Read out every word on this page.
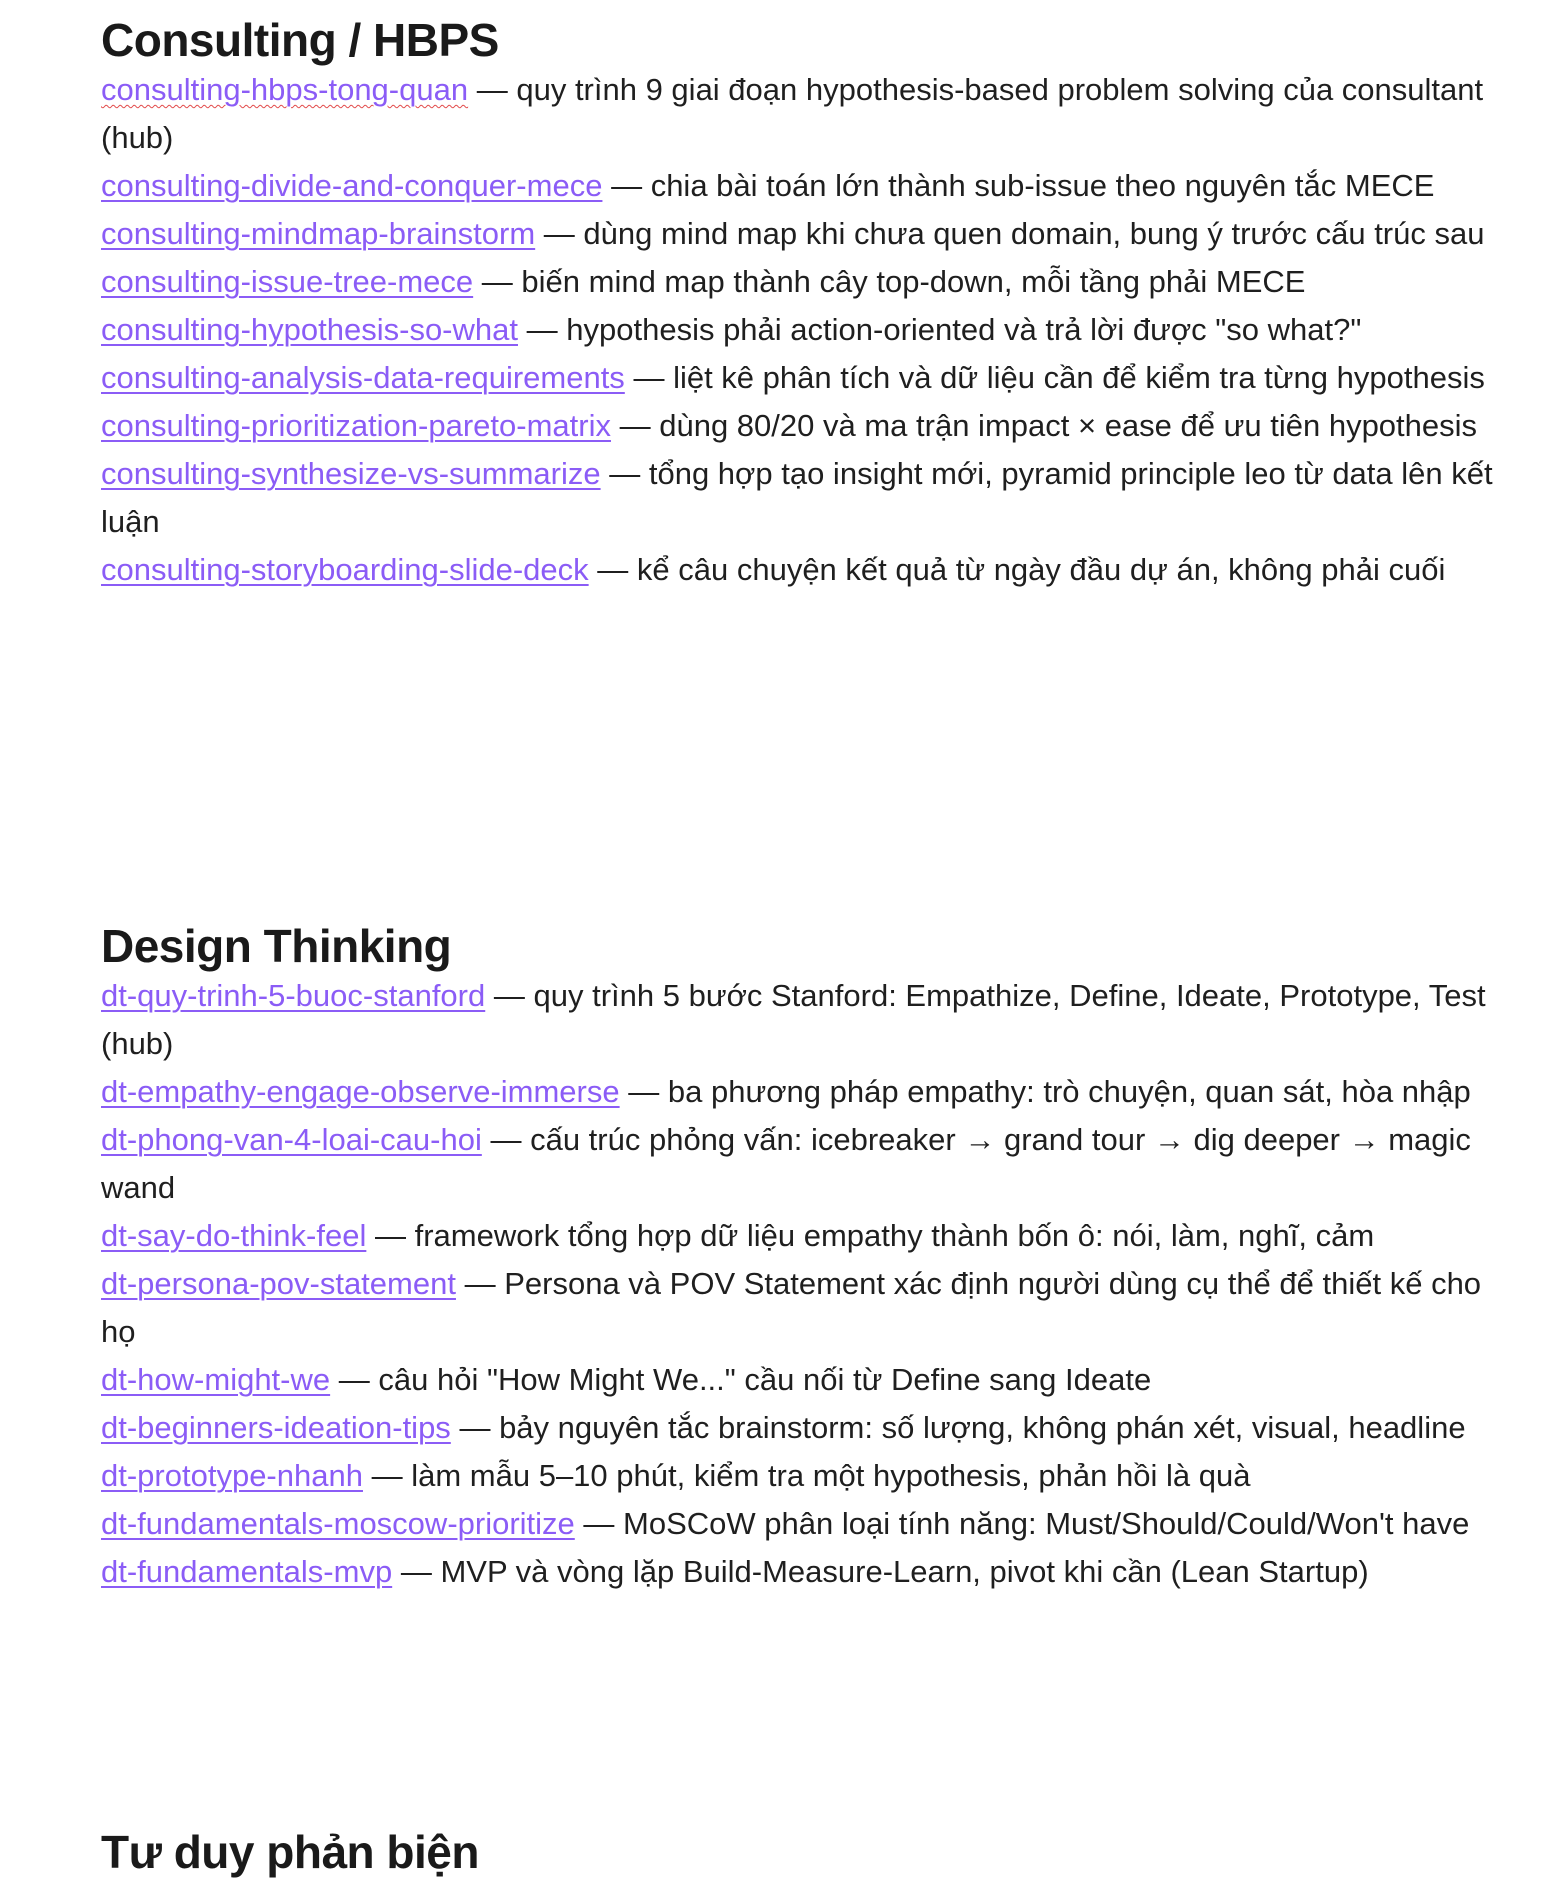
Consulting / HBPS

consulting-hbps-tong-quan — quy trình 9 giai đoạn hypothesis-based problem solving của consultant (hub)

consulting-divide-and-conquer-mece — chia bài toán lớn thành sub-issue theo nguyên tắc MECE

consulting-mindmap-brainstorm — dùng mind map khi chưa quen domain, bung ý trước cấu trúc sau

consulting-issue-tree-mece — biến mind map thành cây top-down, mỗi tầng phải MECE

consulting-hypothesis-so-what — hypothesis phải action-oriented và trả lời được "so what?"

consulting-analysis-data-requirements — liệt kê phân tích và dữ liệu cần để kiểm tra từng hypothesis

consulting-prioritization-pareto-matrix — dùng 80/20 và ma trận impact × ease để ưu tiên hypothesis

consulting-synthesize-vs-summarize — tổng hợp tạo insight mới, pyramid principle leo từ data lên kết luận

consulting-storyboarding-slide-deck — kể câu chuyện kết quả từ ngày đầu dự án, không phải cuối

Design Thinking

dt-quy-trinh-5-buoc-stanford — quy trình 5 bước Stanford: Empathize, Define, Ideate, Prototype, Test (hub)

dt-empathy-engage-observe-immerse — ba phương pháp empathy: trò chuyện, quan sát, hòa nhập

dt-phong-van-4-loai-cau-hoi — cấu trúc phỏng vấn: icebreaker → grand tour → dig deeper → magic wand

dt-say-do-think-feel — framework tổng hợp dữ liệu empathy thành bốn ô: nói, làm, nghĩ, cảm

dt-persona-pov-statement — Persona và POV Statement xác định người dùng cụ thể để thiết kế cho họ

dt-how-might-we — câu hỏi "How Might We..." cầu nối từ Define sang Ideate

dt-beginners-ideation-tips — bảy nguyên tắc brainstorm: số lượng, không phán xét, visual, headline

dt-prototype-nhanh — làm mẫu 5–10 phút, kiểm tra một hypothesis, phản hồi là quà

dt-fundamentals-moscow-prioritize — MoSCoW phân loại tính năng: Must/Should/Could/Won't have

dt-fundamentals-mvp — MVP và vòng lặp Build-Measure-Learn, pivot khi cần (Lean Startup)

Tư duy phản biện
